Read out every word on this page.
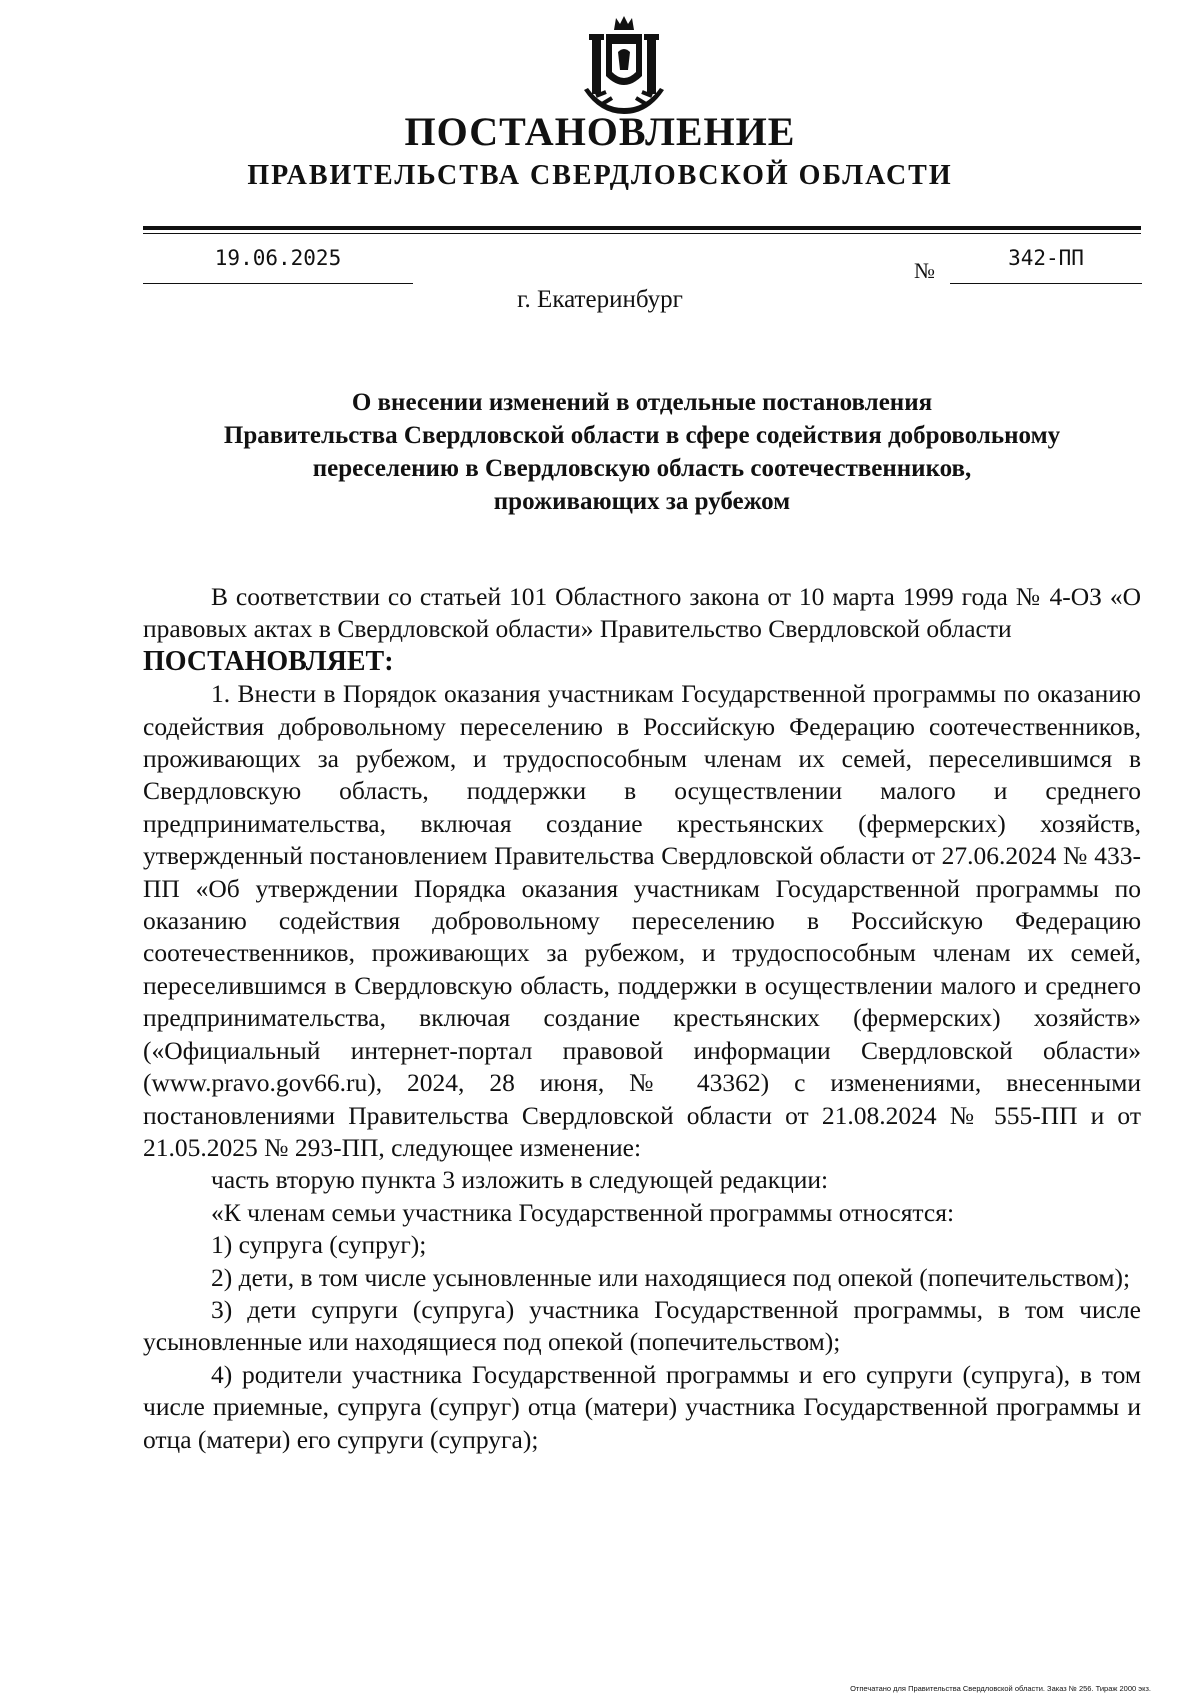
ПОСТАНОВЛЕНИЕ
ПРАВИТЕЛЬСТВА СВЕРДЛОВСКОЙ ОБЛАСТИ
19.06.2025	№	342-ПП
г. Екатеринбург
О внесении изменений в отдельные постановления
Правительства Свердловской области в сфере содействия добровольному
переселению в Свердловскую область соотечественников,
проживающих за рубежом

В соответствии со статьей 101 Областного закона от 10 марта 1999 года № 4-ОЗ «О правовых актах в Свердловской области» Правительство Свердловской области

ПОСТАНОВЛЯЕТ:

1. Внести в Порядок оказания участникам Государственной программы по оказанию содействия добровольному переселению в Российскую Федерацию соотечественников, проживающих за рубежом, и трудоспособным членам их семей, переселившимся в Свердловскую область, поддержки в осуществлении малого и среднего предпринимательства, включая создание крестьянских (фермерских) хозяйств, утвержденный постановлением Правительства Свердловской области от 27.06.2024 № 433-ПП «Об утверждении Порядка оказания участникам Государственной программы по оказанию содействия добровольному переселению в Российскую Федерацию соотечественников, проживающих за рубежом, и трудоспособным членам их семей, переселившимся в Свердловскую область, поддержки в осуществлении малого и среднего предпринимательства, включая создание крестьянских (фермерских) хозяйств» («Официальный интернет-портал правовой информации Свердловской области» (www.pravo.gov66.ru), 2024, 28 июня, № 43362) с изменениями, внесенными постановлениями Правительства Свердловской области от 21.08.2024 № 555-ПП и от 21.05.2025 № 293-ПП, следующее изменение:

часть вторую пункта 3 изложить в следующей редакции:

«К членам семьи участника Государственной программы относятся:

1) супруга (супруг);

2) дети, в том числе усыновленные или находящиеся под опекой (попечительством);

3) дети супруги (супруга) участника Государственной программы, в том числе усыновленные или находящиеся под опекой (попечительством);

4) родители участника Государственной программы и его супруги (супруга), в том числе приемные, супруга (супруг) отца (матери) участника Государственной программы и отца (матери) его супруги (супруга);

Отпечатано для Правительства Свердловской области. Заказ № 256. Тираж 2000 экз.
